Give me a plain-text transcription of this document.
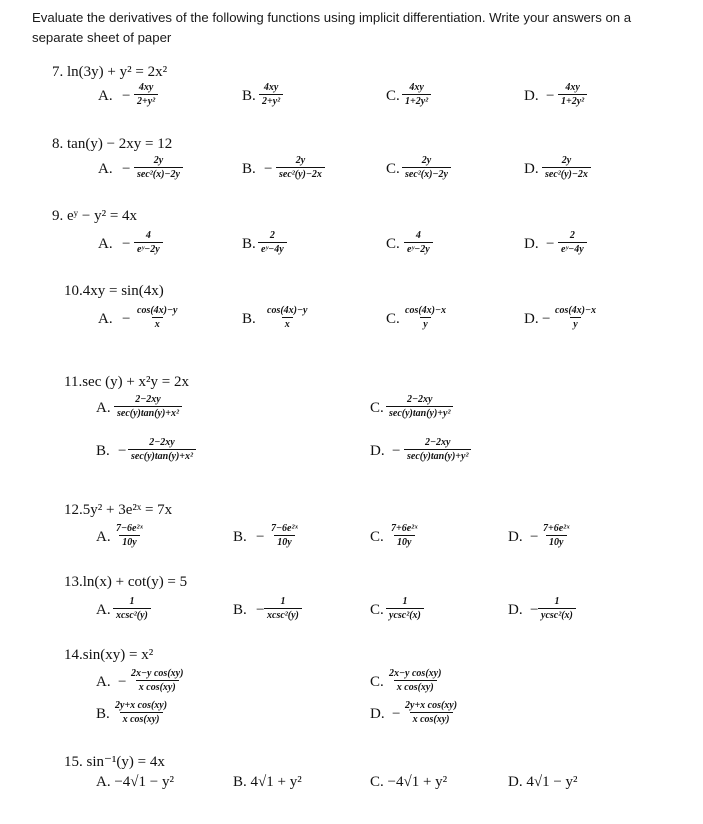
Evaluate the derivatives of the following functions using implicit differentiation. Write your answers on a separate sheet of paper
7. ln(3y) + y² = 2x²
A. − $\frac{4xy}{\text{2+y²}}$	B. $\frac{4xy}{\text{2+y²}}$	C. $\frac{4xy}{\text{1+2y²}}$	D. − $\frac{4xy}{\text{1+2y²}}$
8. tan(y) − 2xy = 12
A. −
2y
sec²(x)−2y	B. −
2y
sec²(y)−2x	C.
2y
sec²(x)−2y	D.
2y
sec²(y)−2x
9. eʸ − y² = 4x
A. − $\frac{4}{\text{eʸ−2y}}$	B. $\frac{2}{\text{eʸ−4y}}$	C. $\frac{4}{\text{eʸ−2y}}$	D. − $\frac{2}{\text{eʸ−4y}}$
10.4xy = sin(4x)
A. − $\frac{\cos(4x)-y}{x}$	B. $\frac{\cos(4x)-y}{x}$	C. $\frac{\cos(4x)-x}{y}$	D. − $\frac{\cos(4x)-x}{y}$
11.sec (y) + x²y = 2x
A.
2−2xy
sec(y)tan(y)+x²	C.
2−2xy
sec(y)tan(y)+y²
B. −
2−2xy
sec(y)tan(y)+x²	D. −
2−2xy
sec(y)tan(y)+y²
12.5y² + 3e²ˣ = 7x
A. $\frac{\text{7−6e²ˣ}}{10y}$	B. − $\frac{\text{7−6e²ˣ}}{10y}$	C. $\frac{\text{7+6e²ˣ}}{10y}$	D. − $\frac{\text{7+6e²ˣ}}{10y}$
13.ln(x) + cot(y) = 5
A.
1
xcsc²(y)	B. −
1
xcsc²(y)	C.
1
ycsc²(x)	D. −
1
ycsc²(x)
14.sin(xy) = x²
A. − $\frac{\text{2x−y cos(xy)}}{\text{x cos(xy)}}$	C. $\frac{\text{2x−y cos(xy)}}{\text{x cos(xy)}}$
B. $\frac{\text{2y+x cos(xy)}}{\text{x cos(xy)}}$	D. − $\frac{\text{2y+x cos(xy)}}{\text{x cos(xy)}}$
15. sin⁻¹(y) = 4x
A. −4√1 − y²	B. 4√1 + y²	C. −4√1 + y²	D. 4√1 − y²
